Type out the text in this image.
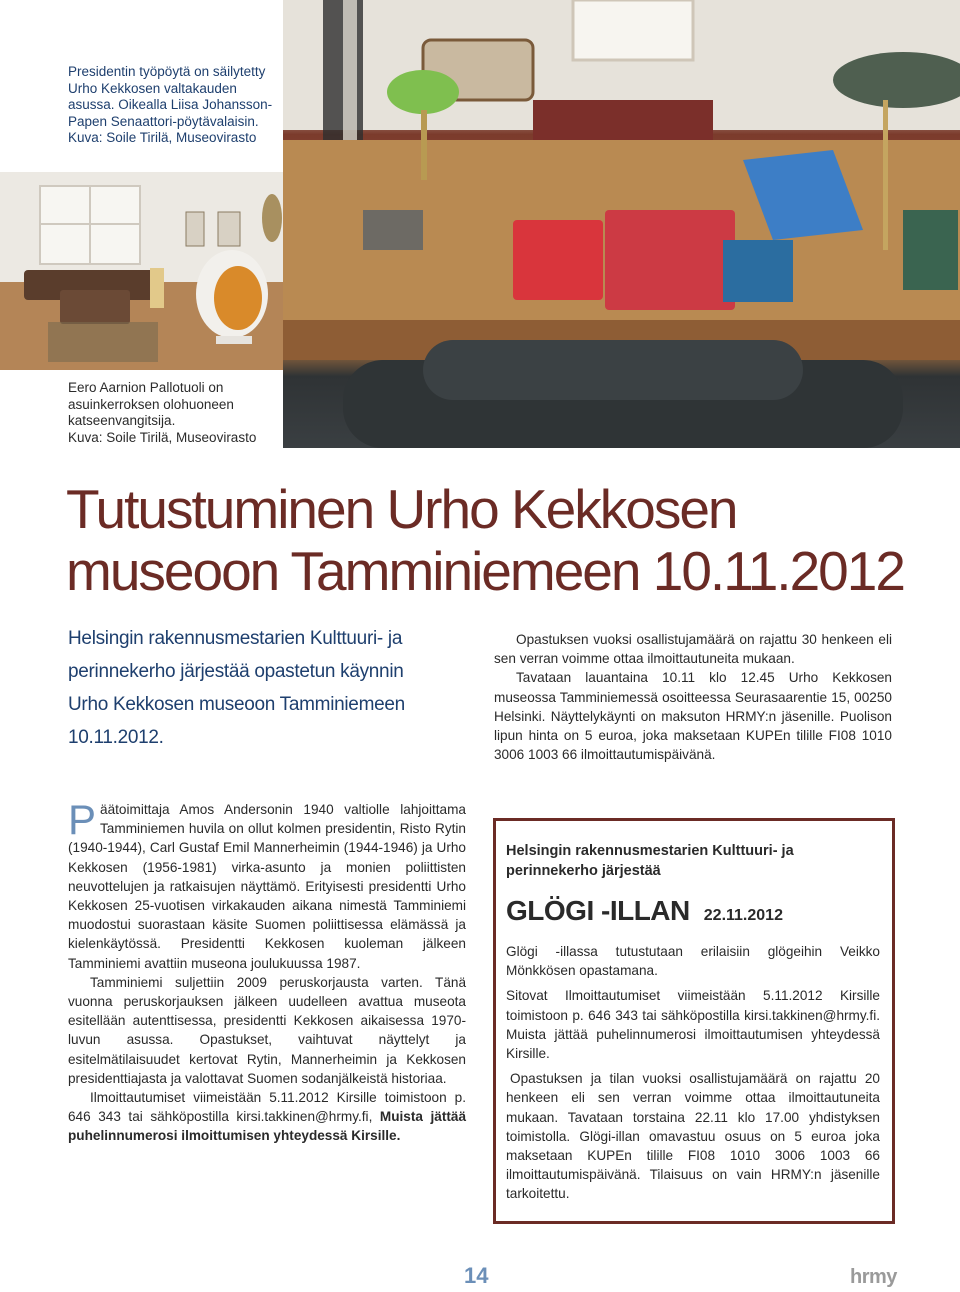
Presidentin työpöytä on säilytetty Urho Kekkosen valtakauden asussa. Oikealla Liisa Johansson-Papen Senaattori-pöytävalaisin.
Kuva: Soile Tirilä, Museovirasto
Eero Aarnion Pallotuoli on asuinkerroksen olohuoneen katseenvangitsija.
Kuva: Soile Tirilä, Museovirasto
Tutustuminen Urho Kekkosen
museoon Tamminiemeen 10.11.2012
Helsingin rakennusmestarien Kulttuuri- ja
perinnekerho järjestää opastetun käynnin
Urho Kekkosen museoon Tamminiemeen
10.11.2012.

Päätoimittaja Amos Andersonin 1940 valtiolle lahjoittama Tamminiemen huvila on ollut kolmen presidentin, Risto Rytin (1940-1944), Carl Gustaf Emil Mannerheimin (1944-1946) ja Urho Kekkosen (1956-1981) virka-asunto ja monien poliittisten neuvottelujen ja ratkaisujen näyttämö. Erityisesti presidentti Urho Kekkosen 25-vuotisen virkakauden aikana nimestä Tamminiemi muodostui suorastaan käsite Suomen poliittisessa elämässä ja kielenkäytössä. Presidentti Kekkosen kuoleman jälkeen Tamminiemi avattiin museona joulukuussa 1987.

Tamminiemi suljettiin 2009 peruskorjausta varten. Tänä vuonna peruskorjauksen jälkeen uudelleen avattua museota esitellään autenttisessa, presidentti Kekkosen aikaisessa 1970-luvun asussa. Opastukset, vaihtuvat näyttelyt ja esitelmätilaisuudet kertovat Rytin, Mannerheimin ja Kekkosen presidenttiajasta ja valottavat Suomen sodanjälkeistä historiaa.

Ilmoittautumiset viimeistään 5.11.2012 Kirsille toimistoon p. 646 343 tai sähköpostilla kirsi.takkinen@hrmy.fi, Muista jättää puhelinnumerosi ilmoittumisen yhteydessä Kirsille.

Opastuksen vuoksi osallistujamäärä on rajattu 30 henkeen eli sen verran voimme ottaa ilmoittautuneita mukaan.

Tavataan lauantaina 10.11 klo 12.45 Urho Kekkosen museossa Tamminiemessä osoitteessa Seurasaarentie 15, 00250 Helsinki. Näyttelykäynti on maksuton HRMY:n jäsenille. Puolison lipun hinta on 5 euroa, joka maksetaan KUPEn tilille FI08 1010 3006 1003 66 ilmoittautumispäivänä.

Helsingin rakennusmestarien Kulttuuri- ja
perinnekerho järjestää
GLÖGI -ILLAN 22.11.2012

Glögi -illassa tutustutaan erilaisiin glögeihin Veikko Mönkkösen opastamana.

Sitovat Ilmoittautumiset viimeistään 5.11.2012 Kirsille toimistoon p. 646 343 tai sähköpostilla kirsi.takkinen@hrmy.fi. Muista jättää puhelinnumerosi ilmoittautumisen yhteydessä Kirsille.

Opastuksen ja tilan vuoksi osallistujamäärä on rajattu 20 henkeen eli sen verran voimme ottaa ilmoittautuneita mukaan. Tavataan torstaina 22.11 klo 17.00 yhdistyksen toimistolla. Glögi-illan omavastuu osuus on 5 euroa joka maksetaan KUPEn tilille FI08 1010 3006 1003 66 ilmoittautumispäivänä. Tilaisuus on vain HRMY:n jäsenille tarkoitettu.

14	hrmy
